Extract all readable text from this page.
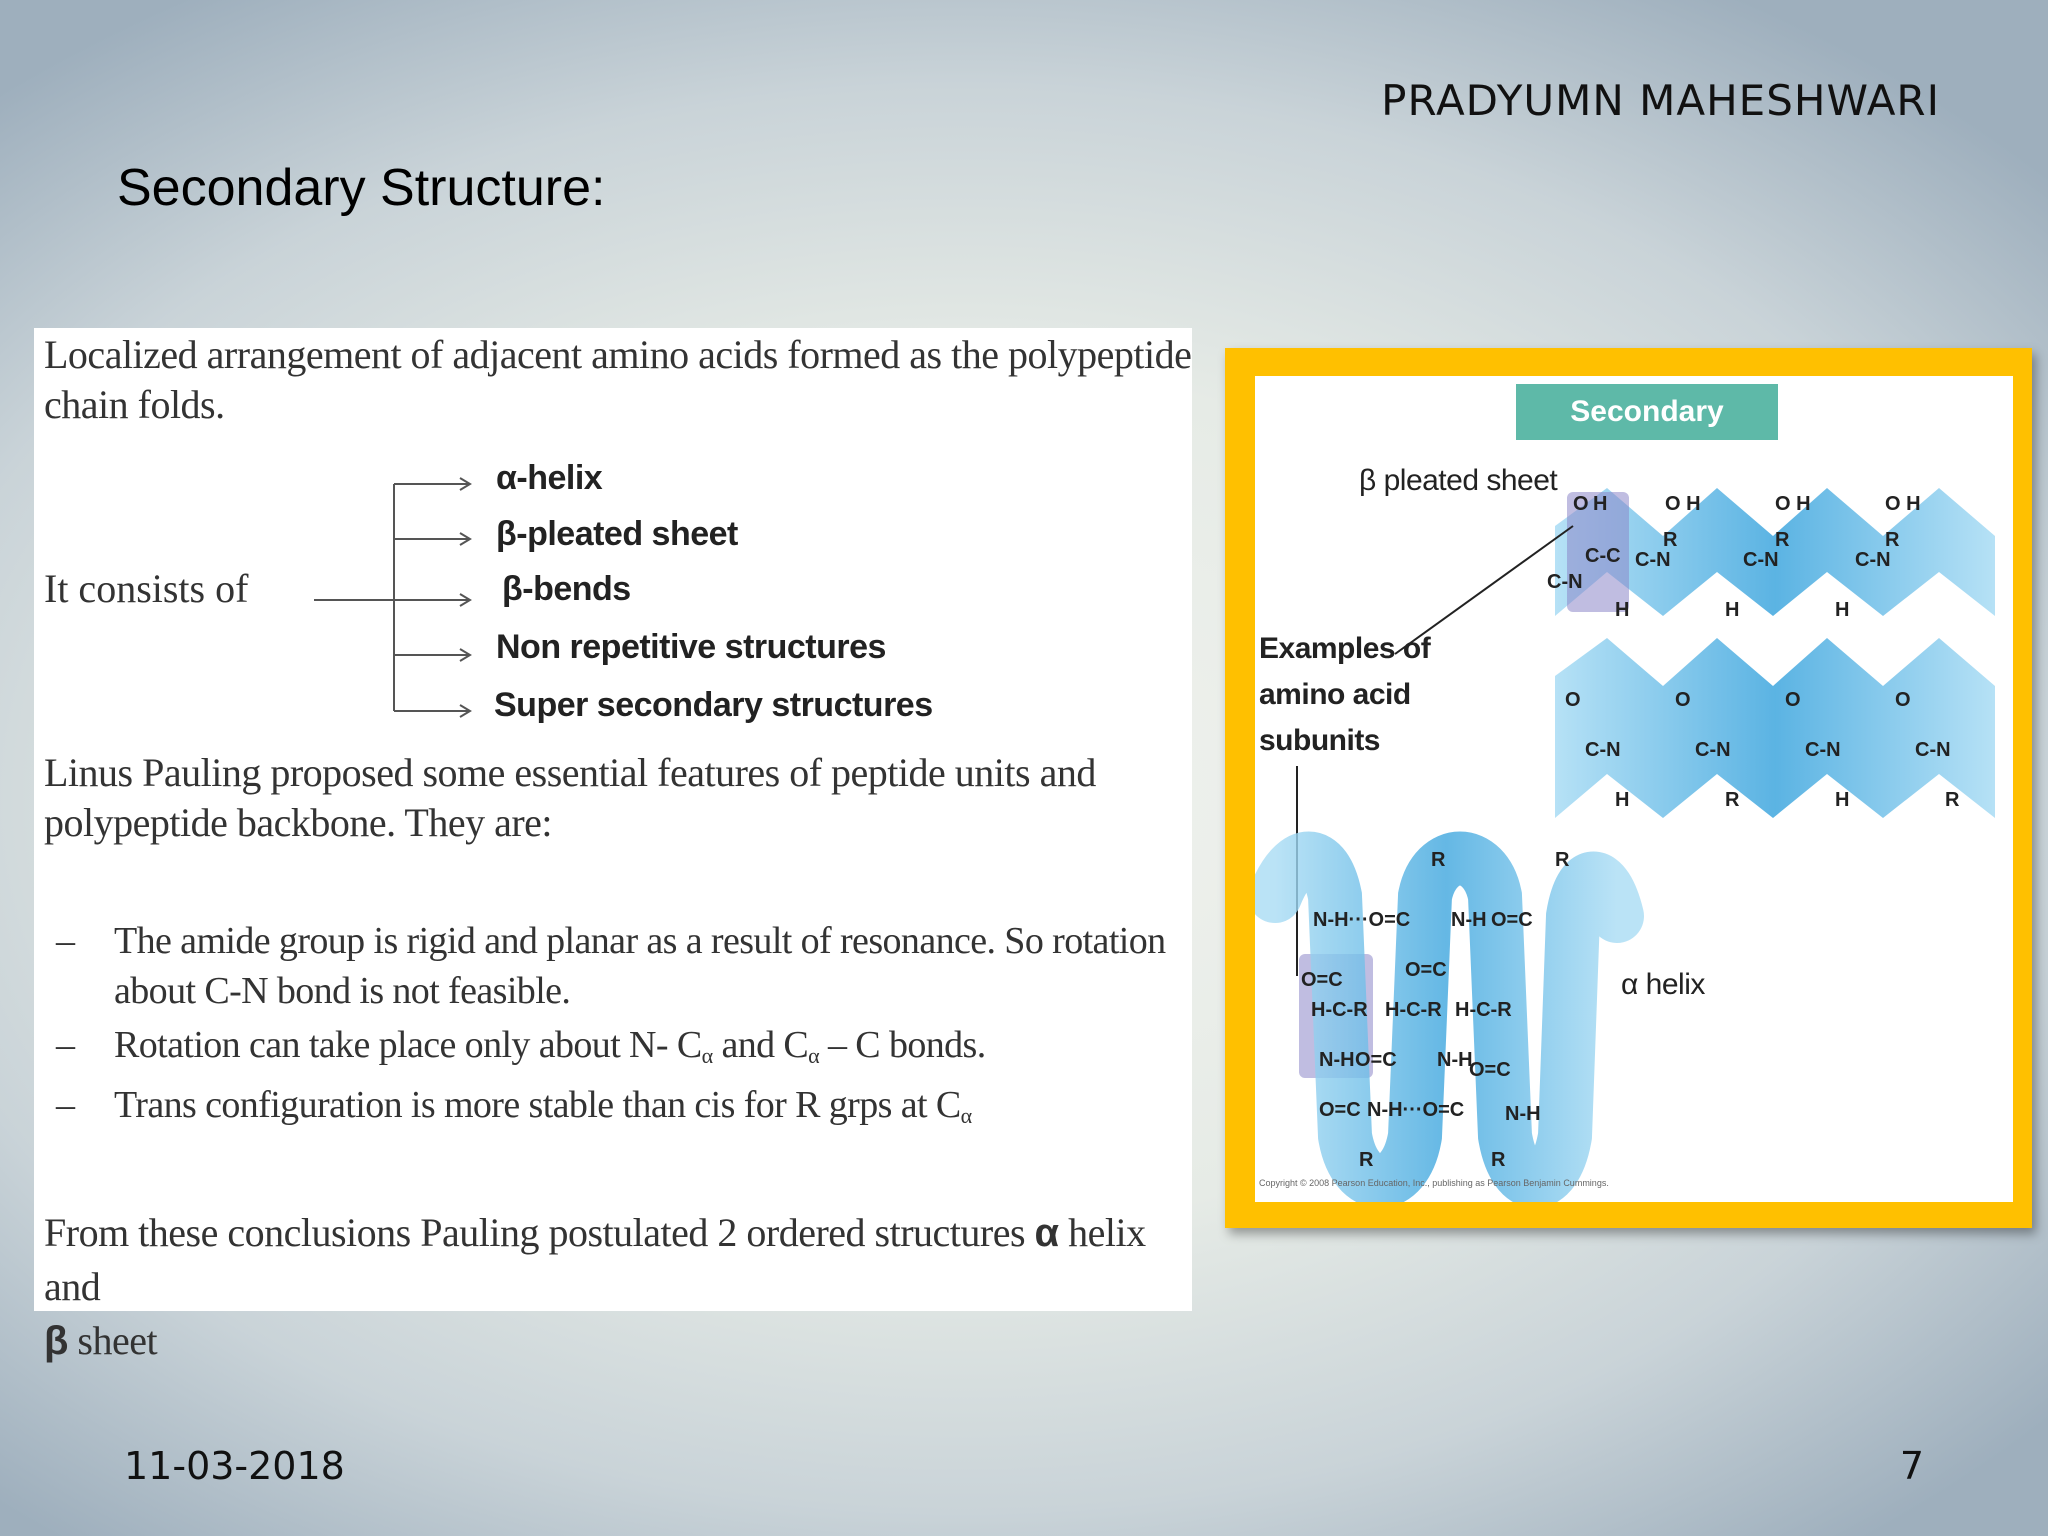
PRADYUMN MAHESHWARI
Secondary Structure:
Localized arrangement of adjacent amino acids formed as the polypeptide
chain folds.
It consists of
α-helix
β-pleated sheet
β-bends
Non repetitive structures
Super secondary structures
Linus Pauling proposed some essential features of peptide units and
polypeptide backbone. They are:
– The amide group is rigid and planar as a result of resonance. So rotation
about C-N bond is not feasible.
– Rotation can take place only about N- $C_\alpha$ and $C_\alpha$ – C bonds.
– Trans configuration is more stable than cis for R grps at $C_\alpha$
From these conclusions Pauling postulated 2 ordered structures α helix and
β sheet
Secondary Structure
β pleated sheet
Examples of
amino acid
subunits
α helix
O H
C-N
C-C
O H	O H	O H
C-N	C-N	C-N
H	H	H
R	R	R
O	O	O	O
C-N	C-N	C-N	C-N
H	R	H	R
N-H···O=C N-H O=C
O=C	O=C
H-C-R H-C-R H-C-R
N-H O=C N-H
O=C
O=C N-H···O=C N-H
R	R
R	R
Copyright © 2008 Pearson Education, Inc., publishing as Pearson Benjamin Cummings.
11-03-2018	7
